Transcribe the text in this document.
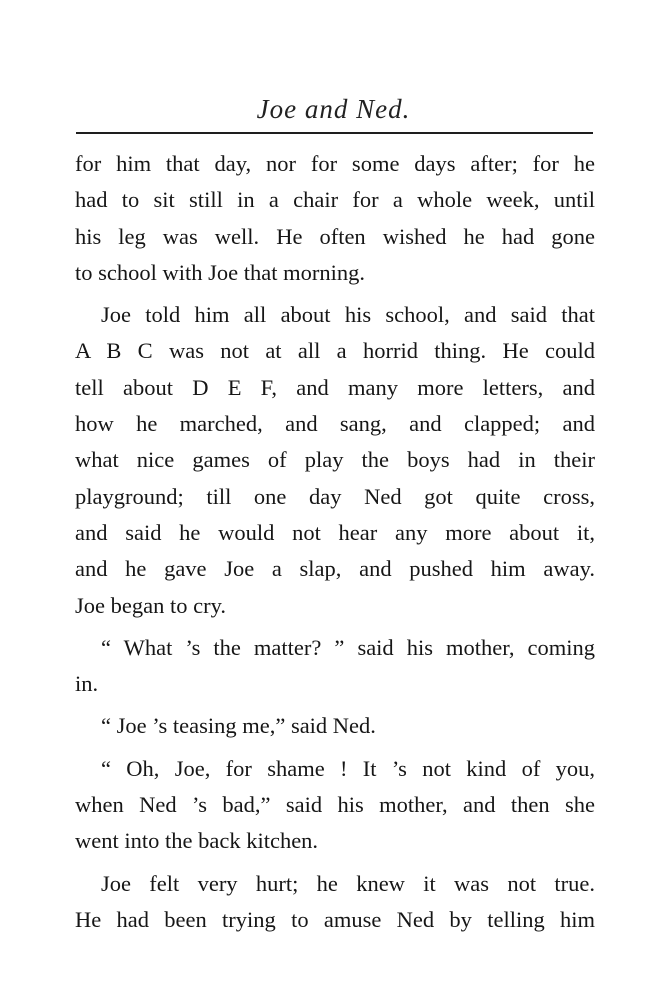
Joe and Ned.
for him that day, nor for some days after; for he
had to sit still in a chair for a whole week, until
his leg was well. He often wished he had gone
to school with Joe that morning.
Joe told him all about his school, and said that
A B C was not at all a horrid thing. He could
tell about D E F, and many more letters, and
how he marched, and sang, and clapped; and
what nice games of play the boys had in their
playground; till one day Ned got quite cross,
and said he would not hear any more about it,
and he gave Joe a slap, and pushed him away.
Joe began to cry.
“ What ’s the matter? ” said his mother, coming
in.
“ Joe ’s teasing me,” said Ned.
“ Oh, Joe, for shame ! It ’s not kind of you,
when Ned ’s bad,” said his mother, and then she
went into the back kitchen.
Joe felt very hurt; he knew it was not true.
He had been trying to amuse Ned by telling him
